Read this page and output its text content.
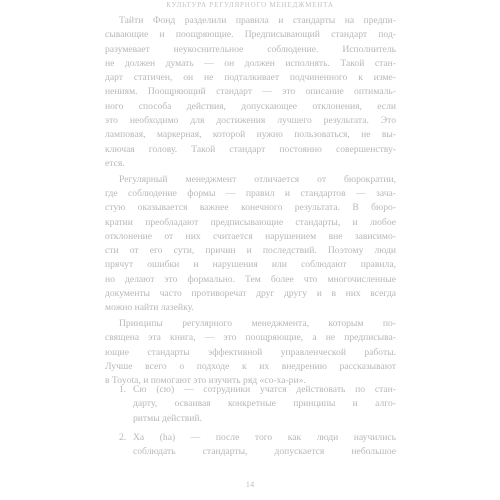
КУЛЬТУРА РЕГУЛЯРНОГО МЕНЕДЖМЕНТА
Тайти Фонд разделили правила и стандарты на предпи-
сывающие и поощряющие. Предписывающий стандарт под-
разумевает неукоснительное соблюдение. Исполнитель
не должен думать — он должен исполнять. Такой стан-
дарт статичен, он не подталкивает подчиненного к изме-
нениям. Поощряющий стандарт — это описание оптималь-
ного способа действия, допускающее отклонения, если
это необходимо для достижения лучшего результата. Это
ламповая, маркерная, которой нужно пользоваться, не вы-
ключая голову. Такой стандарт постоянно совершенству-
ется.
Регулярный менеджмент отличается от бюрократии,
где соблюдение формы — правил и стандартов — зача-
стую оказывается важнее конечного результата. В бюро-
кратии преобладают предписывающие стандарты, и любое
отклонение от них считается нарушением вне зависимо-
сти от его сути, причин и последствий. Поэтому люди
прячут ошибки и нарушения или соблюдают правила,
но делают это формально. Тем более что многочисленные
документы часто противоречат друг другу и в них всегда
можно найти лазейку.
Принципы регулярного менеджмента, которым по-
священа эта книга, — это поощряющие, а не предписыва-
ющие стандарты эффективной управленческой работы.
Лучше всего о подходе к их внедрению рассказывают
в Toyota, и помогают это изучить ряд «со-ха-ри».
1. Сю (сю) — сотрудники учатся действовать по стан-
дарту, осваивая конкретные принципы и алго-
ритмы действий.
2. Ха (ha) — после того как люди научились
соблюдать стандарты, допускается небольшое
14
